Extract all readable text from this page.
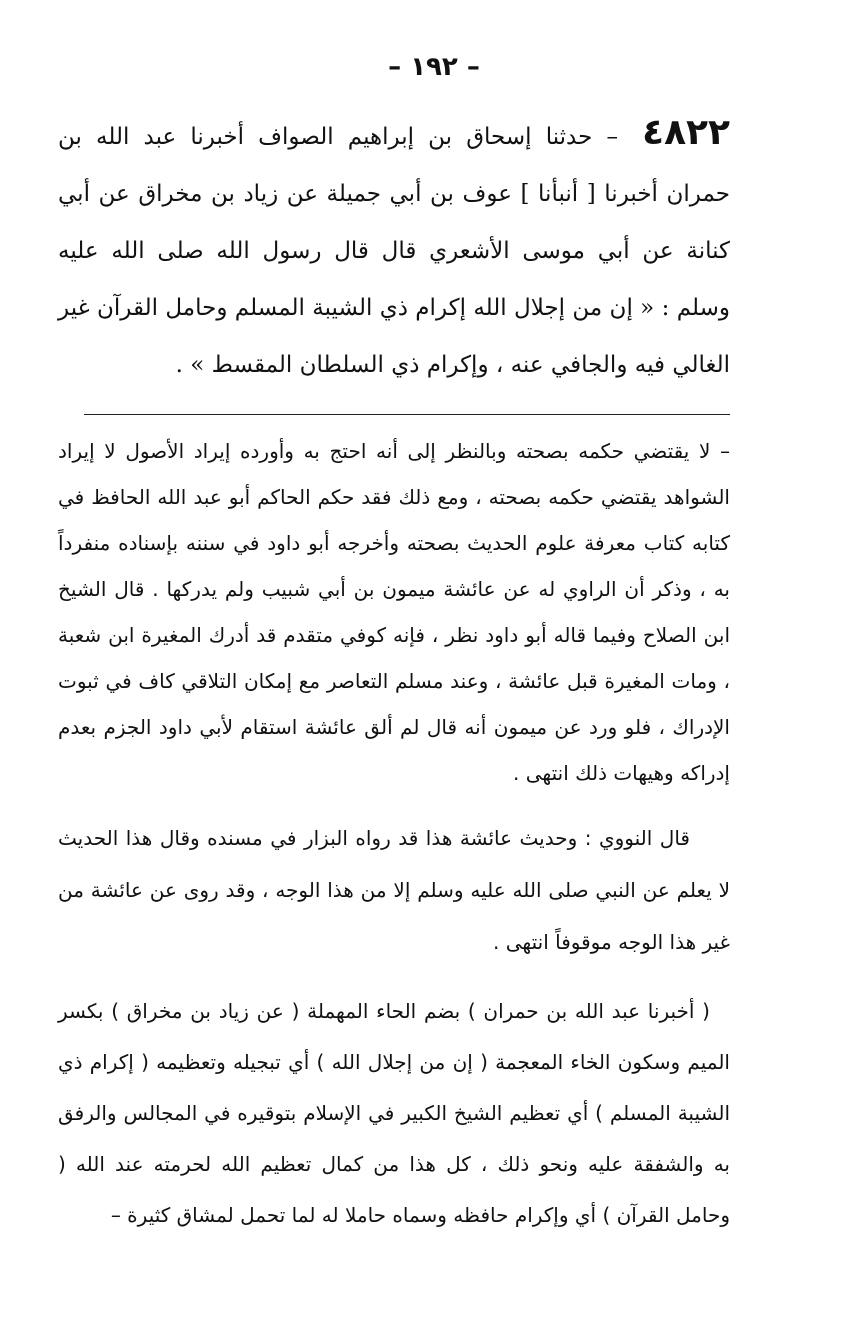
– ١٩٢ –
٤٨٢٢ – حدثنا إسحاق بن إبراهيم الصواف أخبرنا عبد الله بن حمران أخبرنا [ أنبأنا ] عوف بن أبي جميلة عن زياد بن مخراق عن أبي كنانة عن أبي موسى الأشعري قال قال رسول الله صلى الله عليه وسلم : « إن من إجلال الله إكرام ذي الشيبة المسلم وحامل القرآن غير الغالي فيه والجافي عنه ، وإكرام ذي السلطان المقسط » .

– لا يقتضي حكمه بصحته وبالنظر إلى أنه احتج به وأورده إيراد الأصول لا إيراد الشواهد يقتضي حكمه بصحته ، ومع ذلك فقد حكم الحاكم أبو عبد الله الحافظ في كتابه كتاب معرفة علوم الحديث بصحته وأخرجه أبو داود في سننه بإسناده منفرداً به ، وذكر أن الراوي له عن عائشة ميمون بن أبي شبيب ولم يدركها . قال الشيخ ابن الصلاح وفيما قاله أبو داود نظر ، فإنه كوفي متقدم قد أدرك المغيرة ابن شعبة ، ومات المغيرة قبل عائشة ، وعند مسلم التعاصر مع إمكان التلاقي كاف في ثبوت الإدراك ، فلو ورد عن ميمون أنه قال لم ألق عائشة استقام لأبي داود الجزم بعدم إدراكه وهيهات ذلك انتهى .

قال النووي : وحديث عائشة هذا قد رواه البزار في مسنده وقال هذا الحديث لا يعلم عن النبي صلى الله عليه وسلم إلا من هذا الوجه ، وقد روى عن عائشة من غير هذا الوجه موقوفاً انتهى .

( أخبرنا عبد الله بن حمران ) بضم الحاء المهملة ( عن زياد بن مخراق ) بكسر الميم وسكون الخاء المعجمة ( إن من إجلال الله ) أي تبجيله وتعظيمه ( إكرام ذي الشيبة المسلم ) أي تعظيم الشيخ الكبير في الإسلام بتوقيره في المجالس والرفق به والشفقة عليه ونحو ذلك ، كل هذا من كمال تعظيم الله لحرمته عند الله ( وحامل القرآن ) أي وإكرام حافظه وسماه حاملا له لما تحمل لمشاق كثيرة –
